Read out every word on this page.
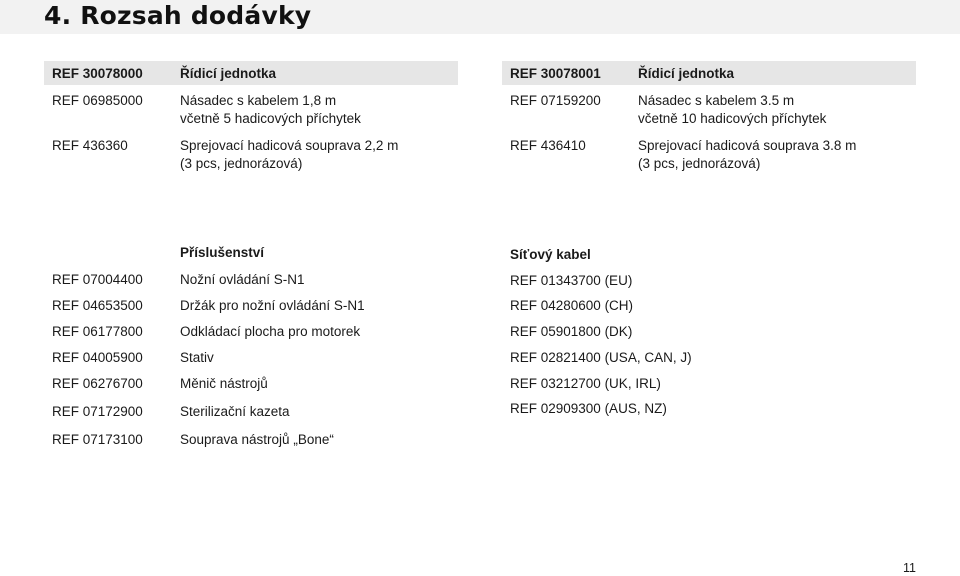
4. Rozsah dodávky
REF 30078000	Řídicí jednotka
REF 06985000	Násadec s kabelem 1,8 m
včetně 5 hadicových příchytek
REF 436360	Sprejovací hadicová souprava 2,2 m
(3 pcs, jednorázová)
REF 30078001	Řídicí jednotka
REF 07159200	Násadec s kabelem 3.5 m
včetně 10 hadicových příchytek
REF 436410	Sprejovací hadicová souprava 3.8 m
(3 pcs, jednorázová)
Příslušenství
REF 07004400	Nožní ovládání S-N1
REF 04653500	Držák pro nožní ovládání S-N1
REF 06177800	Odkládací plocha pro motorek
REF 04005900	Stativ
REF 06276700	Měnič nástrojů
REF 07172900	Sterilizační kazeta
REF 07173100	Souprava nástrojů „Bone“
Síťový kabel
REF 01343700 (EU)
REF 04280600 (CH)
REF 05901800 (DK)
REF 02821400 (USA, CAN, J)
REF 03212700 (UK, IRL)
REF 02909300 (AUS, NZ)
11
